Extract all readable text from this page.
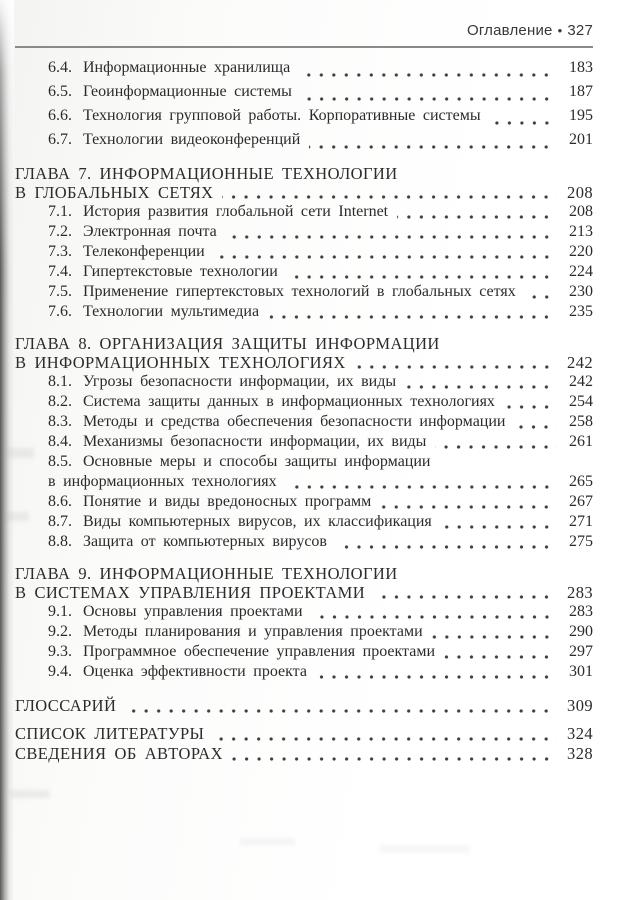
Оглавление • 327
6.4. Информационные хранилища	183
6.5. Геоинформационные системы	187
6.6. Технология групповой работы. Корпоративные системы	195
6.7. Технологии видеоконференций	201
ГЛАВА 7. ИНФОРМАЦИОННЫЕ ТЕХНОЛОГИИ
В ГЛОБАЛЬНЫХ СЕТЯХ	208
7.1. История развития глобальной сети Internet	208
7.2. Электронная почта	213
7.3. Телеконференции	220
7.4. Гипертекстовые технологии	224
7.5. Применение гипертекстовых технологий в глобальных сетях	230
7.6. Технологии мультимедиа	235
ГЛАВА 8. ОРГАНИЗАЦИЯ ЗАЩИТЫ ИНФОРМАЦИИ
В ИНФОРМАЦИОННЫХ ТЕХНОЛОГИЯХ	242
8.1. Угрозы безопасности информации, их виды	242
8.2. Система защиты данных в информационных технологиях	254
8.3. Методы и средства обеспечения безопасности информации	258
8.4. Механизмы безопасности информации, их виды	261
8.5. Основные меры и способы защиты информации
в информационных технологиях	265
8.6. Понятие и виды вредоносных программ	267
8.7. Виды компьютерных вирусов, их классификация	271
8.8. Защита от компьютерных вирусов	275
ГЛАВА 9. ИНФОРМАЦИОННЫЕ ТЕХНОЛОГИИ
В СИСТЕМАХ УПРАВЛЕНИЯ ПРОЕКТАМИ	283
9.1. Основы управления проектами	283
9.2. Методы планирования и управления проектами	290
9.3. Программное обеспечение управления проектами	297
9.4. Оценка эффективности проекта	301
ГЛОССАРИЙ	309
СПИСОК ЛИТЕРАТУРЫ	324
СВЕДЕНИЯ ОБ АВТОРАХ	328
